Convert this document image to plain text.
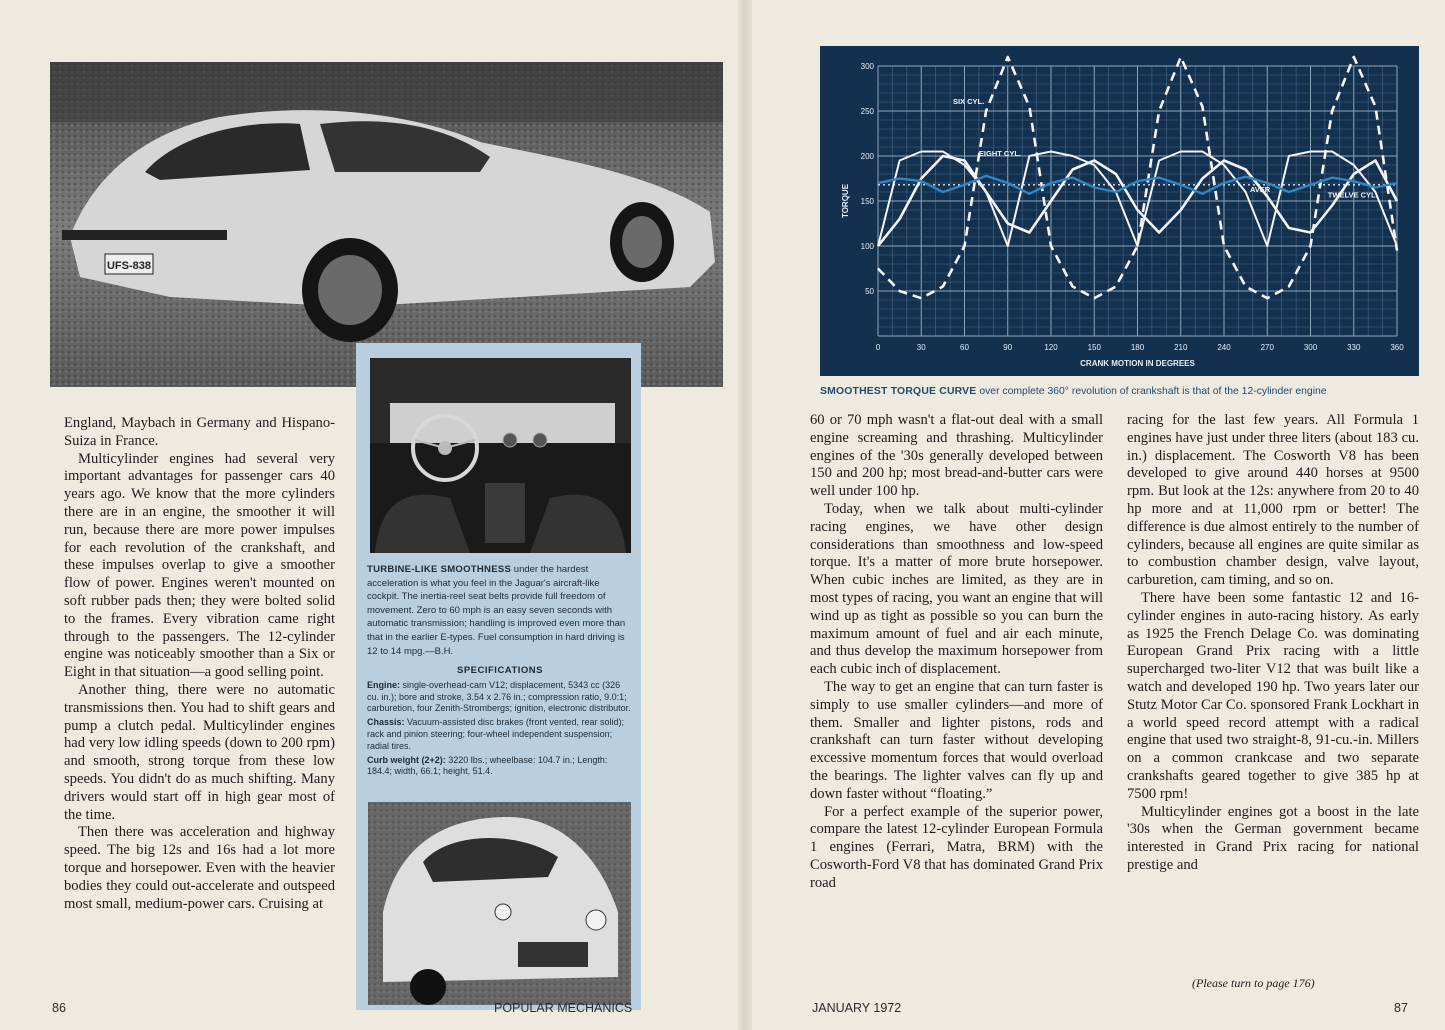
UFS-838

England, Maybach in Germany and Hispano-Suiza in France.

Multicylinder engines had several very important advantages for passenger cars 40 years ago. We know that the more cylinders there are in an engine, the smoother it will run, because there are more power impulses for each revolution of the crankshaft, and these impulses overlap to give a smoother flow of power. Engines weren't mounted on soft rubber pads then; they were bolted solid to the frames. Every vibration came right through to the passengers. The 12-cylinder engine was noticeably smoother than a Six or Eight in that situation—a good selling point.

Another thing, there were no automatic transmissions then. You had to shift gears and pump a clutch pedal. Multicylinder engines had very low idling speeds (down to 200 rpm) and smooth, strong torque from these low speeds. You didn't do as much shifting. Many drivers would start off in high gear most of the time.

Then there was acceleration and highway speed. The big 12s and 16s had a lot more torque and horsepower. Even with the heavier bodies they could out-accelerate and outspeed most small, medium-power cars. Cruising at

TURBINE-LIKE SMOOTHNESS under the hardest acceleration is what you feel in the Jaguar's aircraft-like cockpit. The inertia-reel seat belts provide full freedom of movement. Zero to 60 mph is an easy seven seconds with automatic transmission; handling is improved even more than that in the earlier E-types. Fuel consumption in hard driving is 12 to 14 mpg.—B.H.
SPECIFICATIONS

Engine: single-overhead-cam V12; displacement, 5343 cc (326 cu. in.); bore and stroke, 3.54 x 2.76 in.; compression ratio, 9.0:1; carburetion, four Zenith-Strombergs; ignition, electronic distributor.

Chassis: Vacuum-assisted disc brakes (front vented, rear solid); rack and pinion steering; four-wheel independent suspension; radial tires.

Curb weight (2+2): 3220 lbs.; wheelbase: 104.7 in.; Length: 184.4; width, 66.1; height, 51.4.

0	30	60	90	120	150	180	210	240	270	300	330	360
50
100
150
200
250
300
CRANK MOTION IN DEGREES
TORQUE
SIX CYL.
EIGHT CYL.
TWELVE CYL.
AVER
SMOOTHEST TORQUE CURVE over complete 360° revolution of crankshaft is that of the 12-cylinder engine

60 or 70 mph wasn't a flat-out deal with a small engine screaming and thrashing. Multicylinder engines of the '30s generally developed between 150 and 200 hp; most bread-and-butter cars were well under 100 hp.

Today, when we talk about multi-cylinder racing engines, we have other design considerations than smoothness and low-speed torque. It's a matter of more brute horsepower. When cubic inches are limited, as they are in most types of racing, you want an engine that will wind up as tight as possible so you can burn the maximum amount of fuel and air each minute, and thus develop the maximum horsepower from each cubic inch of displacement.

The way to get an engine that can turn faster is simply to use smaller cylinders—and more of them. Smaller and lighter pistons, rods and crankshaft can turn faster without developing excessive momentum forces that would overload the bearings. The lighter valves can fly up and down faster without “floating.”

For a perfect example of the superior power, compare the latest 12-cylinder European Formula 1 engines (Ferrari, Matra, BRM) with the Cosworth-Ford V8 that has dominated Grand Prix road

racing for the last few years. All Formula 1 engines have just under three liters (about 183 cu. in.) displacement. The Cosworth V8 has been developed to give around 440 horses at 9500 rpm. But look at the 12s: anywhere from 20 to 40 hp more and at 11,000 rpm or better! The difference is due almost entirely to the number of cylinders, because all engines are quite similar as to combustion chamber design, valve layout, carburetion, cam timing, and so on.

There have been some fantastic 12 and 16-cylinder engines in auto-racing history. As early as 1925 the French Delage Co. was dominating European Grand Prix racing with a little supercharged two-liter V12 that was built like a watch and developed 190 hp. Two years later our Stutz Motor Car Co. sponsored Frank Lockhart in a world speed record attempt with a radical engine that used two straight-8, 91-cu.-in. Millers on a common crankcase and two separate crankshafts geared together to give 385 hp at 7500 rpm!

Multicylinder engines got a boost in the late '30s when the German government became interested in Grand Prix racing for national prestige and

(Please turn to page 176)
86	POPULAR MECHANICS	JANUARY 1972	87
